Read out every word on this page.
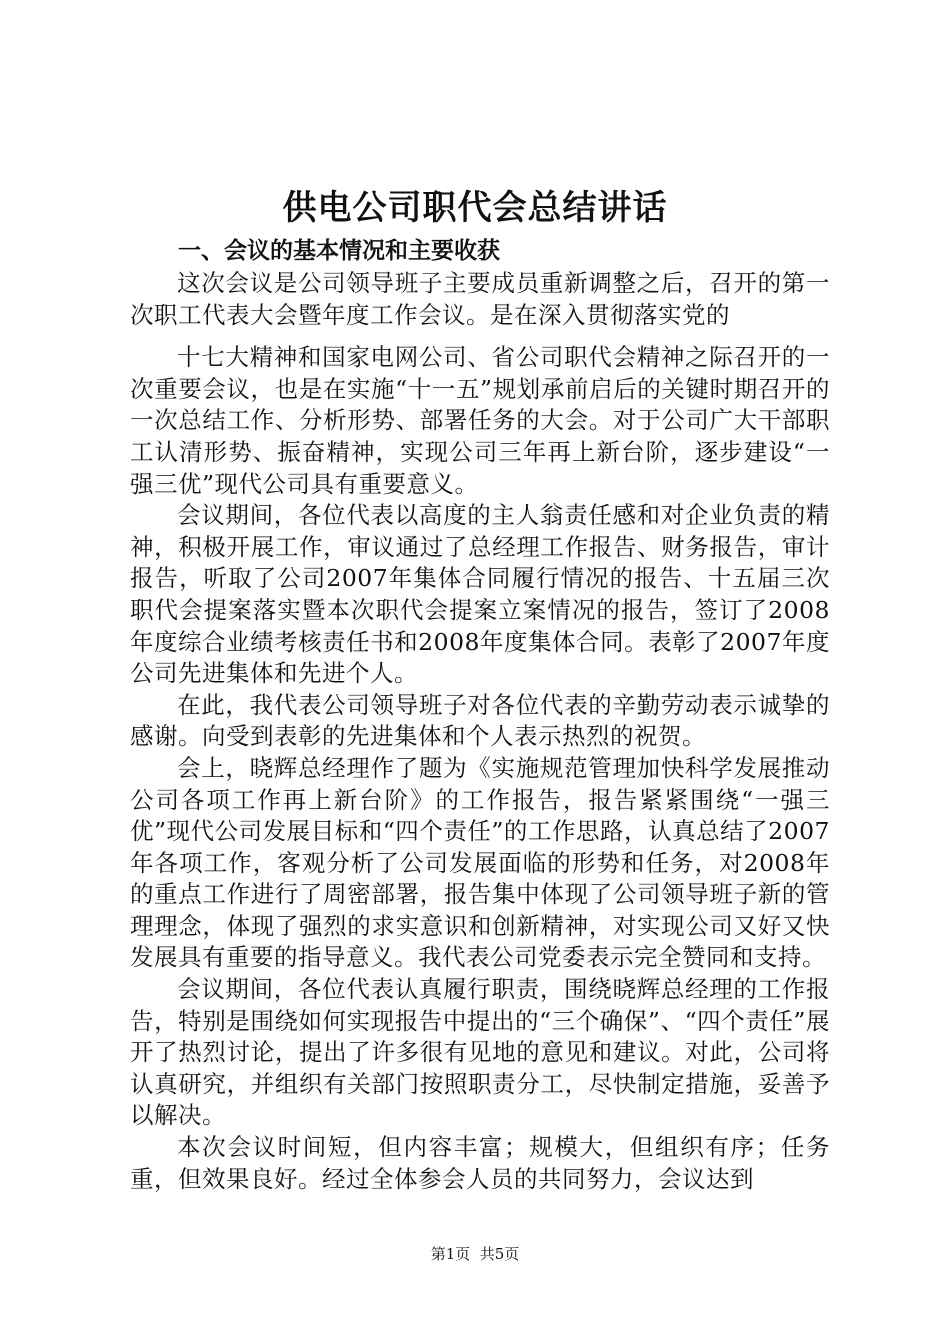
供电公司职代会总结讲话
一、会议的基本情况和主要收获

这次会议是公司领导班子主要成员重新调整之后，召开的第一次职工代表大会暨年度工作会议。是在深入贯彻落实党的

十七大精神和国家电网公司、省公司职代会精神之际召开的一次重要会议，也是在实施“十一五”规划承前启后的关键时期召开的一次总结工作、分析形势、部署任务的大会。对于公司广大干部职工认清形势、振奋精神，实现公司三年再上新台阶，逐步建设“一强三优”现代公司具有重要意义。

会议期间，各位代表以高度的主人翁责任感和对企业负责的精神，积极开展工作，审议通过了总经理工作报告、财务报告，审计报告，听取了公司2007年集体合同履行情况的报告、十五届三次职代会提案落实暨本次职代会提案立案情况的报告，签订了2008年度综合业绩考核责任书和2008年度集体合同。表彰了2007年度公司先进集体和先进个人。

在此，我代表公司领导班子对各位代表的辛勤劳动表示诚挚的感谢。向受到表彰的先进集体和个人表示热烈的祝贺。

会上，晓辉总经理作了题为《实施规范管理加快科学发展推动公司各项工作再上新台阶》的工作报告，报告紧紧围绕“一强三优”现代公司发展目标和“四个责任”的工作思路，认真总结了2007年各项工作，客观分析了公司发展面临的形势和任务，对2008年的重点工作进行了周密部署，报告集中体现了公司领导班子新的管理理念，体现了强烈的求实意识和创新精神，对实现公司又好又快发展具有重要的指导意义。我代表公司党委表示完全赞同和支持。

会议期间，各位代表认真履行职责，围绕晓辉总经理的工作报告，特别是围绕如何实现报告中提出的“三个确保”、“四个责任”展开了热烈讨论，提出了许多很有见地的意见和建议。对此，公司将认真研究，并组织有关部门按照职责分工，尽快制定措施，妥善予以解决。

本次会议时间短，但内容丰富；规模大，但组织有序；任务重，但效果良好。经过全体参会人员的共同努力，会议达到

第1页  共5页
